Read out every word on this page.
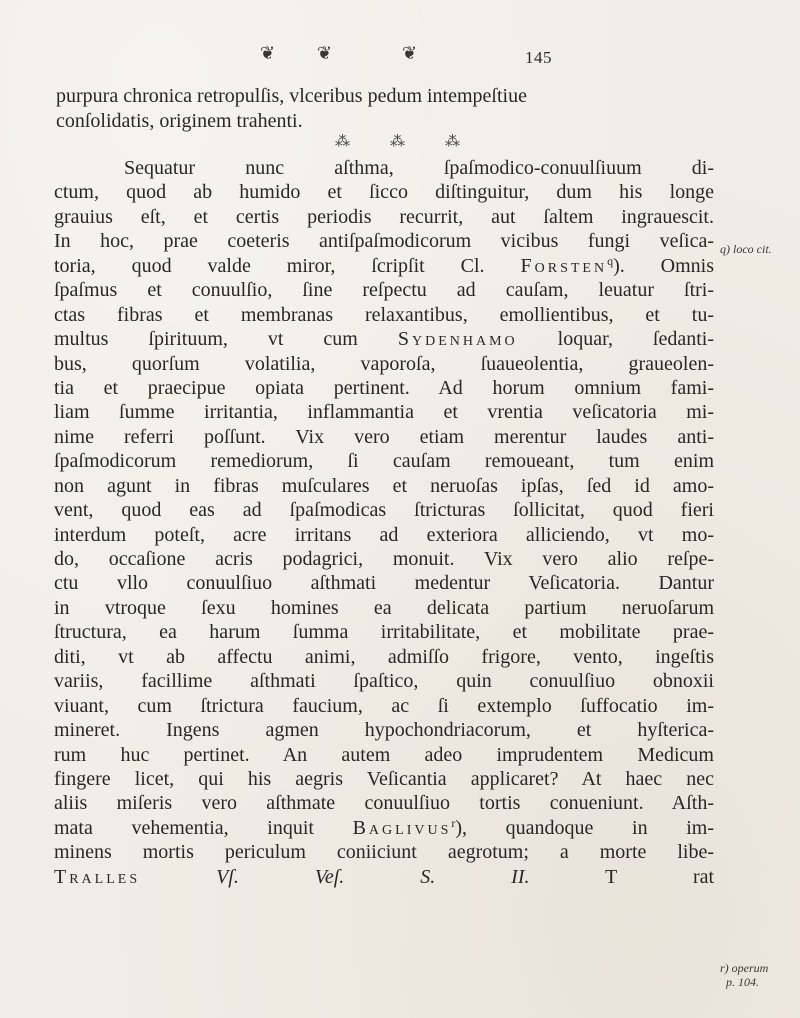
❦ ❦	❦	145
purpura chronica retropulſis, vlceribus pedum intempeſtiue
conſolidatis, originem trahenti.
⁂	⁂	⁂
Sequatur nunc aſthma, ſpaſmodico-conuulſiuum di-
ctum, quod ab humido et ſicco diſtinguitur, dum his longe
grauius eſt, et certis periodis recurrit, aut ſaltem ingrauescit.
In hoc, prae coeteris antiſpaſmodicorum vicibus fungi veſica-
toria, quod valde miror, ſcripſit Cl. Forsten$^q$). Omnis
ſpaſmus et conuulſio, ſine reſpectu ad cauſam, leuatur ſtri-
ctas fibras et membranas relaxantibus, emollientibus, et tu-
multus ſpirituum, vt cum Sydenhamo loquar, ſedanti-
bus, quorſum volatilia, vaporoſa, ſuaueolentia, graueolen-
tia et praecipue opiata pertinent. Ad horum omnium fami-
liam ſumme irritantia, inflammantia et vrentia veſicatoria mi-
nime referri poſſunt. Vix vero etiam merentur laudes anti-
ſpaſmodicorum remediorum, ſi cauſam remoueant, tum enim
non agunt in fibras muſculares et neruoſas ipſas, ſed id amo-
vent, quod eas ad ſpaſmodicas ſtricturas ſollicitat, quod fieri
interdum poteſt, acre irritans ad exteriora alliciendo, vt mo-
do, occaſione acris podagrici, monuit. Vix vero alio reſpe-
ctu vllo conuulſiuo aſthmati medentur Veſicatoria. Dantur
in vtroque ſexu homines ea delicata partium neruoſarum
ſtructura, ea harum ſumma irritabilitate, et mobilitate prae-
diti, vt ab affectu animi, admiſſo frigore, vento, ingeſtis
variis, facillime aſthmati ſpaſtico, quin conuulſiuo obnoxii
viuant, cum ſtrictura faucium, ac ſi extemplo ſuffocatio im-
mineret. Ingens agmen hypochondriacorum, et hyſterica-
rum huc pertinet. An autem adeo imprudentem Medicum
fingere licet, qui his aegris Veſicantia applicaret? At haec nec
aliis miſeris vero aſthmate conuulſiuo tortis conueniunt. Aſth-
mata vehementia, inquit Baglivus$^r$), quandoque in im-
minens mortis periculum coniiciunt aegrotum; a morte libe-
Tralles	Vſ. Veſ. S. II.	T	rat
q) loco cit.
r) operum
p. 104.
